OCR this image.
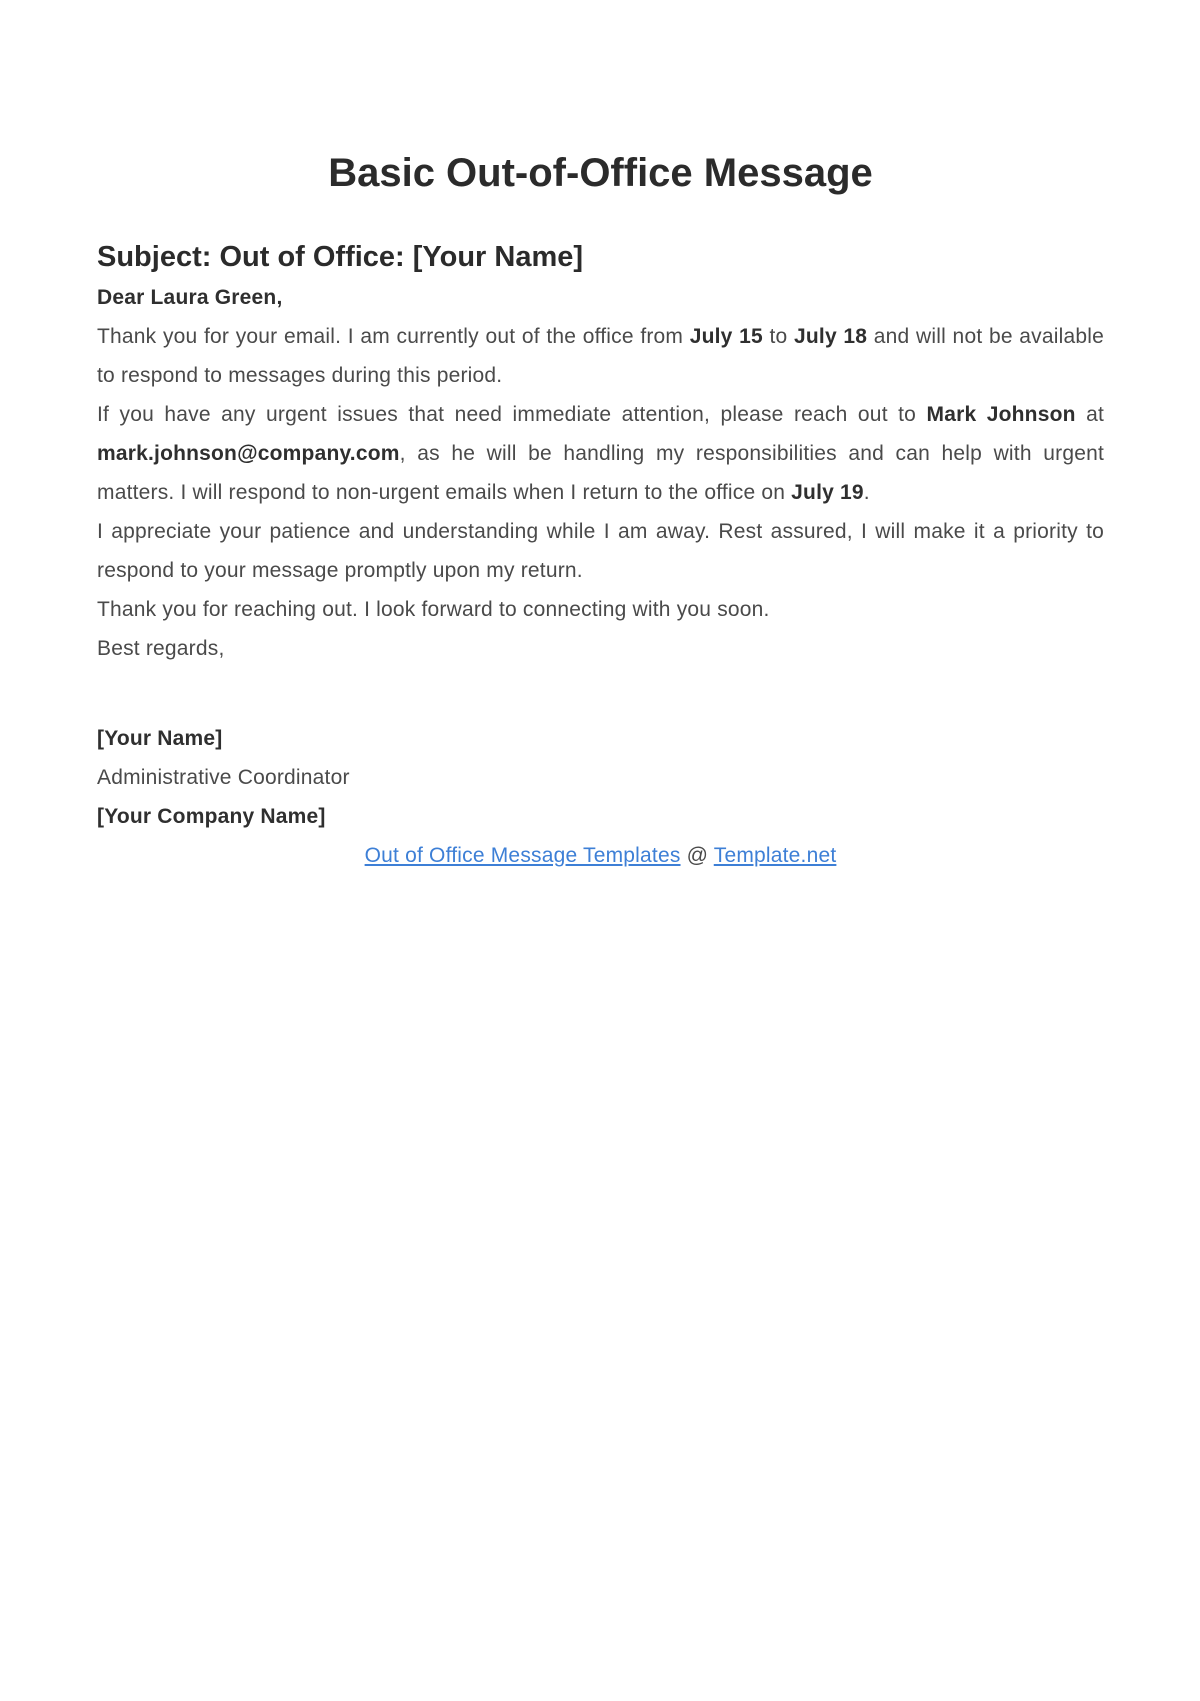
Basic Out-of-Office Message
Subject: Out of Office: [Your Name]

Dear Laura Green,

Thank you for your email. I am currently out of the office from July 15 to July 18 and will not be available to respond to messages during this period.

If you have any urgent issues that need immediate attention, please reach out to Mark Johnson at mark.johnson@company.com, as he will be handling my responsibilities and can help with urgent matters. I will respond to non-urgent emails when I return to the office on July 19.

I appreciate your patience and understanding while I am away. Rest assured, I will make it a priority to respond to your message promptly upon my return.

Thank you for reaching out. I look forward to connecting with you soon.

Best regards,

[Your Name]

Administrative Coordinator

[Your Company Name]

Out of Office Message Templates @ Template.net
